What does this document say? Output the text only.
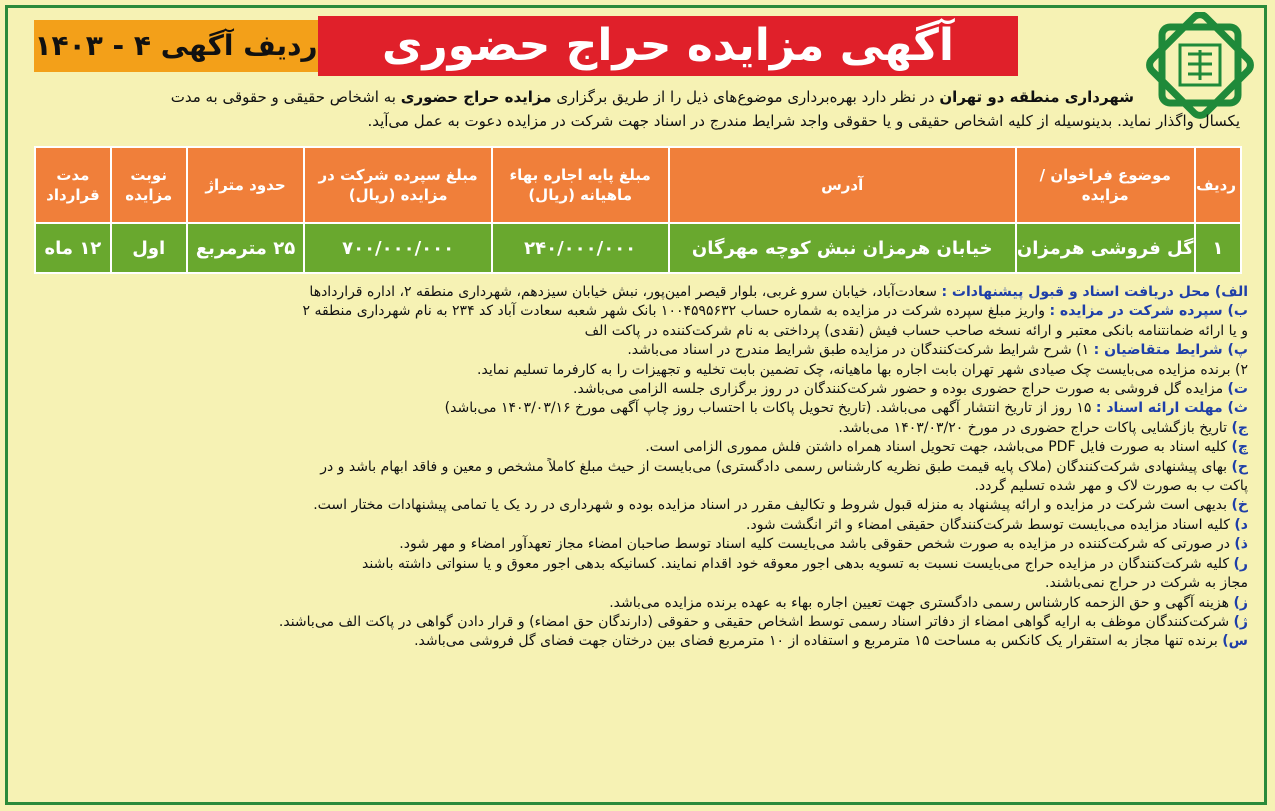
آگهی مزایده حراج حضوری
ردیف آگهی ۴ - ۱۴۰۳
شهرداری منطقه دو تهران در نظر دارد بهره‌برداری موضوع‌های ذیل را از طریق برگزاری مزایده حراج حضوری به اشخاص حقیقی و حقوقی به مدت
یکسال واگذار نماید. بدینوسیله از کلیه اشخاص حقیقی و یا حقوقی واجد شرایط مندرج در اسناد جهت شرکت در مزایده دعوت به عمل می‌آید.
ردیف	موضوع فراخوان / مزایده	آدرس	مبلغ پایه اجاره بهاء ماهیانه (ریال)	مبلغ سپرده شرکت در مزایده (ریال)	حدود متراژ	نوبت مزایده	مدت قرارداد
۱	گل فروشی هرمزان	خیابان هرمزان نبش کوچه مهرگان	۲۴۰/۰۰۰/۰۰۰	۷۰۰/۰۰۰/۰۰۰	۲۵ مترمربع	اول	۱۲ ماه
الف) محل دریافت اسناد و قبول پیشنهادات : سعادت‌آباد، خیابان سرو غربی، بلوار قیصر امین‌پور، نبش خیابان سیزدهم، شهرداری منطقه ۲، اداره قراردادها
ب) سپرده شرکت در مزایده : واریز مبلغ سپرده شرکت در مزایده به شماره حساب ۱۰۰۴۵۹۵۶۳۲ بانک شهر شعبه سعادت آباد کد ۲۳۴ به نام شهرداری منطقه ۲
و یا ارائه ضمانتنامه بانکی معتبر و ارائه نسخه صاحب حساب فیش (نقدی) پرداختی به نام شرکت‌کننده در پاکت الف
پ) شرایط متقاضیان : ۱) شرح شرایط شرکت‌کنندگان در مزایده طبق شرایط مندرج در اسناد می‌باشد.
۲) برنده مزایده می‌بایست چک صیادی شهر تهران بابت اجاره بها ماهیانه، چک تضمین بابت تخلیه و تجهیزات را به کارفرما تسلیم نماید.
ت) مزایده گل فروشی به صورت حراج حضوری بوده و حضور شرکت‌کنندگان در روز برگزاری جلسه الزامی می‌باشد.
ث) مهلت ارائه اسناد : ۱۵ روز از تاریخ انتشار آگهی می‌باشد. (تاریخ تحویل پاکات با احتساب روز چاپ آگهی مورخ ۱۴۰۳/۰۳/۱۶ می‌باشد)
ج) تاریخ بازگشایی پاکات حراج حضوری در مورخ ۱۴۰۳/۰۳/۲۰ می‌باشد.
چ) کلیه اسناد به صورت فایل PDF می‌باشد، جهت تحویل اسناد همراه داشتن فلش مموری الزامی است.
ح) بهای پیشنهادی شرکت‌کنندگان (ملاک پایه قیمت طبق نظریه کارشناس رسمی دادگستری) می‌بایست از حیث مبلغ کاملاً مشخص و معین و فاقد ابهام باشد و در
پاکت ب به صورت لاک و مهر شده تسلیم گردد.
خ) بدیهی است شرکت در مزایده و ارائه پیشنهاد به منزله قبول شروط و تکالیف مقرر در اسناد مزایده بوده و شهرداری در رد یک یا تمامی پیشنهادات مختار است.
د) کلیه اسناد مزایده می‌بایست توسط شرکت‌کنندگان حقیقی امضاء و اثر انگشت شود.
ذ) در صورتی که شرکت‌کننده در مزایده به صورت شخص حقوقی باشد می‌بایست کلیه اسناد توسط صاحبان امضاء مجاز تعهدآور امضاء و مهر شود.
ر) کلیه شرکت‌کنندگان در مزایده حراج می‌بایست نسبت به تسویه بدهی اجور معوقه خود اقدام نمایند. کسانیکه بدهی اجور معوق و یا سنواتی داشته باشند
مجاز به شرکت در حراج نمی‌باشند.
ز) هزینه آگهی و حق الزحمه کارشناس رسمی دادگستری جهت تعیین اجاره بهاء به عهده برنده مزایده می‌باشد.
ژ) شرکت‌کنندگان موظف به ارایه گواهی امضاء از دفاتر اسناد رسمی توسط اشخاص حقیقی و حقوقی (دارندگان حق امضاء) و قرار دادن گواهی در پاکت الف می‌باشند.
س) برنده تنها مجاز به استقرار یک کانکس به مساحت ۱۵ مترمربع و استفاده از ۱۰ مترمربع فضای بین درختان جهت فضای گل فروشی می‌باشد.
